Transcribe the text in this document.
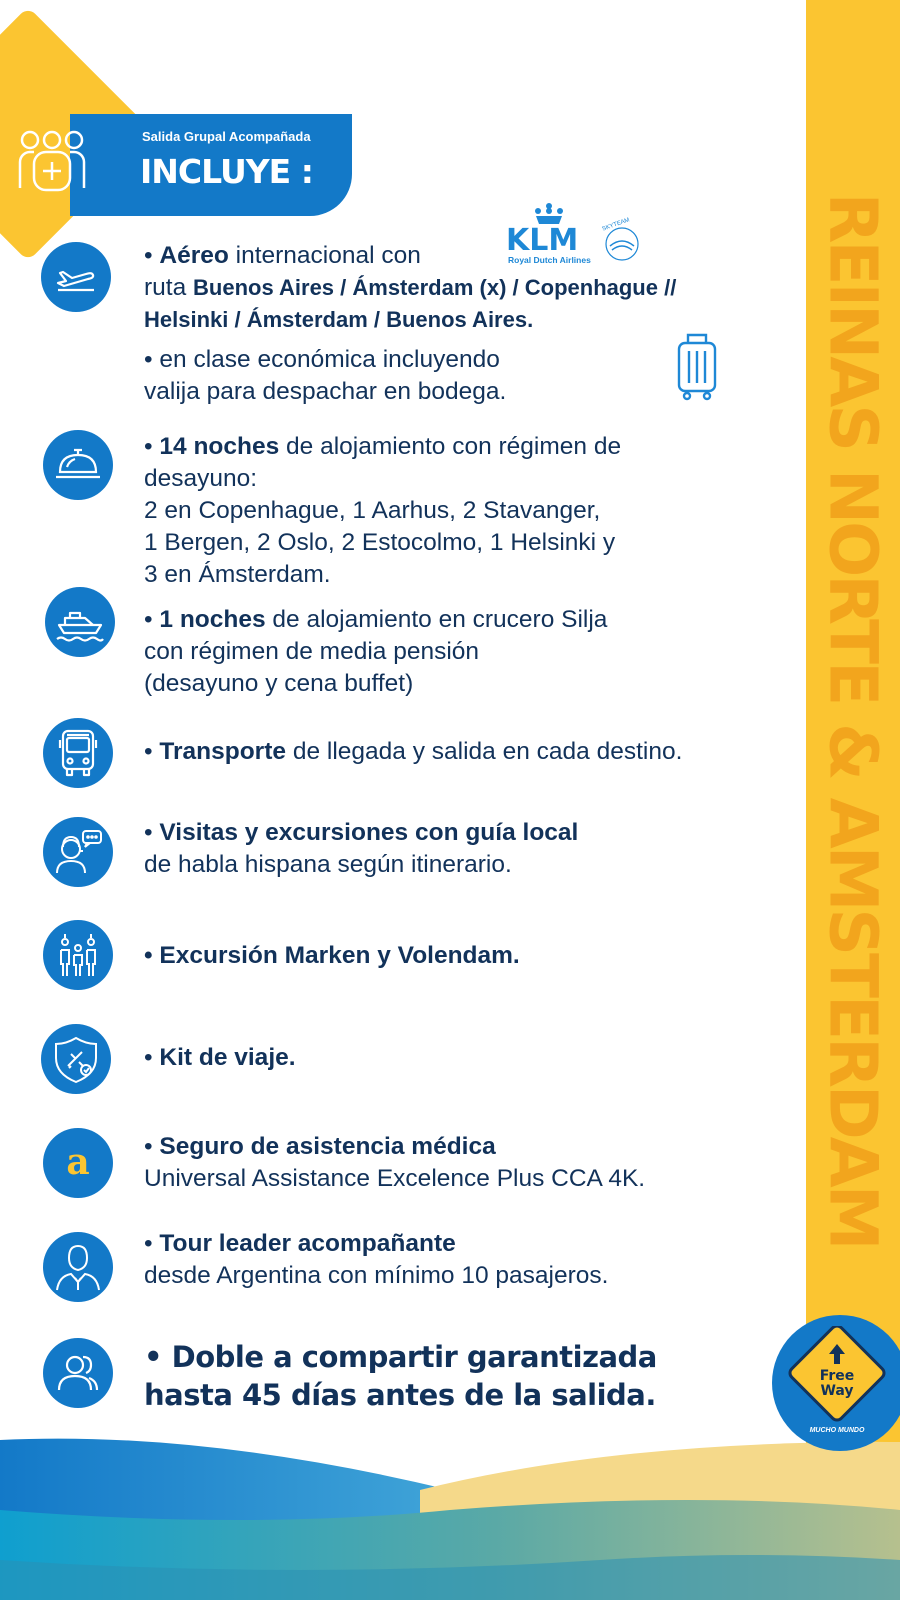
REINAS NORTE & AMSTERDAM
Salida Grupal Acompañada
INCLUYE :
KLM
Royal Dutch Airlines
SKYTEAM
• Aéreo internacional con
ruta Buenos Aires / Ámsterdam (x) / Copenhague //
Helsinki / Ámsterdam / Buenos Aires.
• en clase económica incluyendo
valija para despachar en bodega.
• 14 noches de alojamiento con régimen de
desayuno:
2 en Copenhague, 1 Aarhus, 2 Stavanger,
1 Bergen, 2 Oslo, 2 Estocolmo, 1 Helsinki y
3 en Ámsterdam.
• 1 noches de alojamiento en crucero Silja
con régimen de media pensión
(desayuno y cena buffet)
• Transporte de llegada y salida en cada destino.
• Visitas y excursiones con guía local
de habla hispana según itinerario.
• Excursión Marken y Volendam.
• Kit de viaje.
a • Seguro de asistencia médica
Universal Assistance Excelence Plus CCA 4K.
• Tour leader acompañante
desde Argentina con mínimo 10 pasajeros.
• Doble a compartir garantizada
hasta 45 días antes de la salida.
Free
Way
MUCHO MUNDO
